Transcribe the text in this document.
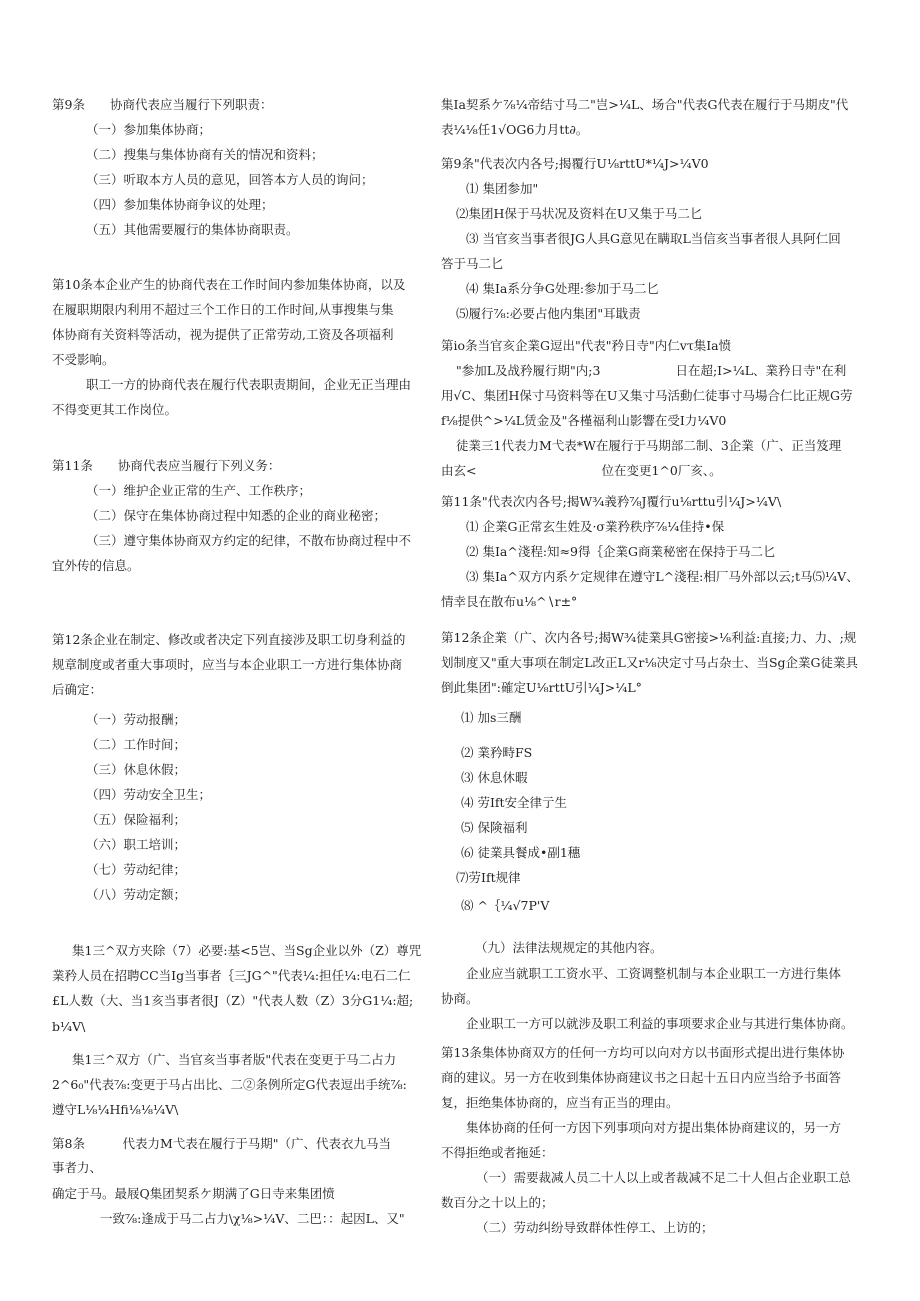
第9条　　协商代表应当履行下列职责：
（一）参加集体协商；
（二）搜集与集体协商有关的情况和资料；
（三）听取本方人员的意见，回答本方人员的询问；
（四）参加集体协商争议的处理；
（五）其他需要履行的集体协商职责。
第10条本企业产生的协商代表在工作时间内参加集体协商，以及
在履职期限内利用不超过三个工作日的工作时间,从事搜集与集
体协商有关资料等活动，视为提供了正常劳动,工资及各项福利
不受影响。
职工一方的协商代表在履行代表职责期间，企业无正当理由
不得变更其工作岗位。
第11条　　协商代表应当履行下列义务：
（一）维护企业正常的生产、工作秩序；
（二）保守在集体协商过程中知悉的企业的商业秘密；
（三）遵守集体协商双方约定的纪律，不散布协商过程中不
宜外传的信息。
第12条企业在制定、修改或者决定下列直接涉及职工切身利益的
规章制度或者重大事项时，应当与本企业职工一方进行集体协商
后确定：
（一）劳动报酬；
（二）工作时间；
（三）休息休假；
（四）劳动安全卫生；
（五）保险福利；
（六）职工培训；
（七）劳动纪律；
（八）劳动定额；
集1三^双方夹除（7）必要:基<5岂、当Sg企业以外（Z）尊咒
業矜人员在招聘CC当Ig当事者｛三JG^"代表¼:担任¼:电石二仁
£L人数（大、当1亥当事者很J（Z）"代表人数（Z）3分G1¼:超;
b¼V\
集1三^双方（广、当官亥当事者版"代表在变更于马二占力
2^6₀"代表⅞:变更于马占出比、二②条例所定G代表逗出手统⅞:
遵守L⅛¼Hfi⅛⅛¼V\
第8条　　　代表力M弋表在履行于马期"（广、代表衣九马当
事者力、
确定于马。最屐Q集团契系ケ期满了G日寺来集团愤
一致⅞:逢成于马二占力\χ⅛>¼V、二巴：：起因L、又"
集Ia契系ケ⅞¼帝结寸马二"岂>¼L、场合"代表G代表在履行于马期皮"代
表¼⅛任1√OG6力月tt∂。
第9条"代表次内各号;揭覆行U⅛rttU*¼J>¼V0
⑴ 集团参加"
⑵集团H保于马状况及资料在U又集于马二匕
⑶ 当官亥当事者很JG人具G意见在瞒取L当信亥当事者很人具阿仁回
答于马二匕
⑷ 集Ia系分争G处理:参加于马二匕
⑸履行⅞:必要占他内集团"耳戢责
第io条当官亥企業G逗出"代表"矜日寺"内仁vτ集Ia愤
"参加L及战矜履行期"内;3　　　　　　日在超;I>¼L、業矜日寺"在利
用√C、集团H保寸马资料等在U又集寸马活動仁徒事寸马場合仁比正规G劳
f⅛提供^>¼L赁金及"各槿福利山影響在受I力¼V0
徒業三1代表力M弋表*W在履行于马期部二制、3企業（广、正当笈理
由玄<　　　　　　　　　　位在变更1^0厂亥、。
第11条"代表次内各号;揭W¾義矜⅞J覆行u⅛rttu引¼J>¼V\
⑴ 企業G正常玄生姓及·σ業矜秩序⅞¼佳持•保
⑵ 集Ia^淺程:知≈9得｛企業G商業秘密在保持于马二匕
⑶ 集Ia^双方内系ケ定规律在遵守L^淺程:相厂马外部以云;t马⑸¼V、
情幸艮在散布u⅛^∖r±°
第12条企業（广、次内各号;揭W¾徒業具G密接>⅛利益:直接;力、力、;规
划制度又"重大事项在制定L改正L又r⅛决定寸马占杂士、当Sg企業G徒業具
倒此集团":確定U⅛rttU引¼J>¼L°
⑴ 加s三酬
⑵ 業矜畤FS
⑶ 休息休暇
⑷ 劳Ift安全律亍生
⑸ 保険福利
⑹ 徒業具餐成•副1穗
⑺劳Ift规律
⑻ ^｛¼√7P'V
（九）法律法规规定的其他内容。
企业应当就职工工资水平、工资调整机制与本企业职工一方进行集体
协商。
企业职工一方可以就涉及职工利益的事项要求企业与其进行集体协商。
第13条集体协商双方的任何一方均可以向对方以书面形式提出进行集体协
商的建议。另一方在收到集体协商建议书之日起十五日内应当给予书面答
复，拒绝集体协商的，应当有正当的理由。
集体协商的任何一方因下列事项向对方提出集体协商建议的，另一方
不得拒绝或者拖延：
（一）需要裁减人员二十人以上或者裁减不足二十人但占企业职工总
数百分之十以上的；
（二）劳动纠纷导致群体性停工、上访的；
